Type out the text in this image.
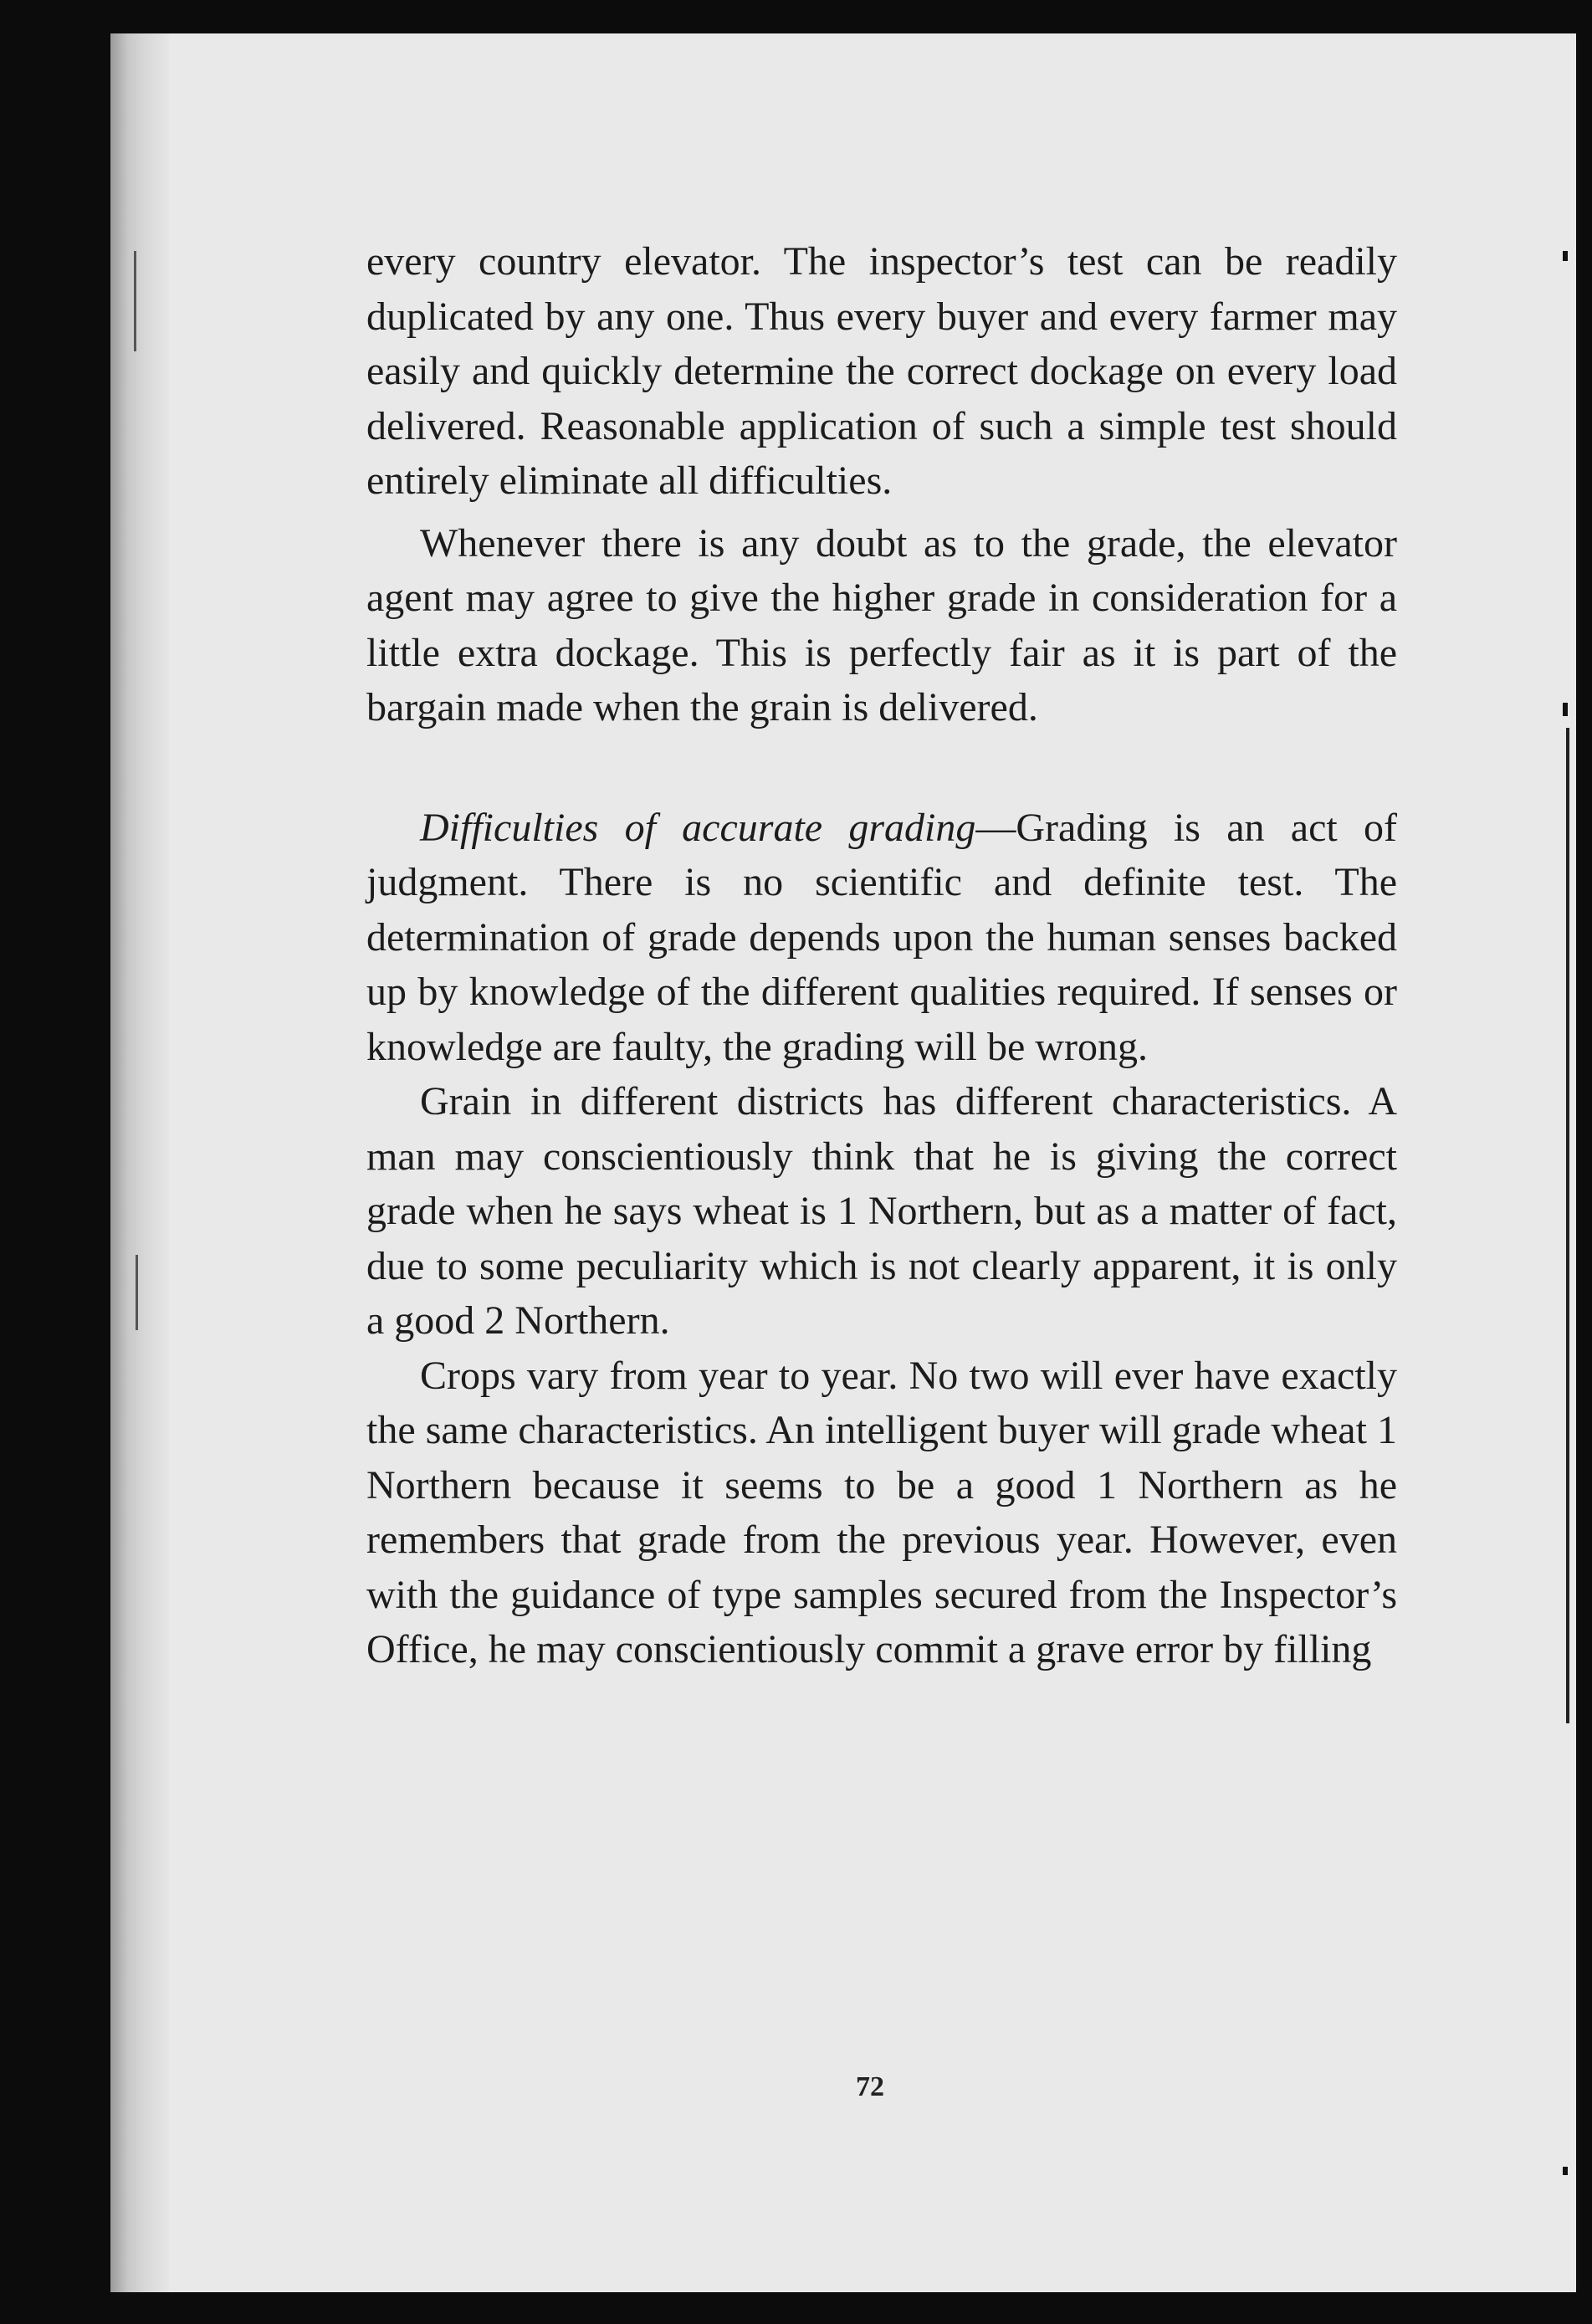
every country elevator. The inspector’s test can be readily duplicated by any one. Thus every buyer and every farmer may easily and quickly determine the correct dockage on every load delivered. Reasonable application of such a simple test should entirely eliminate all difficulties.

Whenever there is any doubt as to the grade, the elevator agent may agree to give the higher grade in consideration for a little extra dockage. This is perfectly fair as it is part of the bargain made when the grain is delivered.

Difficulties of accurate grading—Grading is an act of judgment. There is no scientific and definite test. The determination of grade depends upon the human senses backed up by knowledge of the different qualities required. If senses or knowledge are faulty, the grading will be wrong.

Grain in different districts has different characteristics. A man may conscientiously think that he is giving the correct grade when he says wheat is 1 Northern, but as a matter of fact, due to some peculiarity which is not clearly apparent, it is only a good 2 Northern.

Crops vary from year to year. No two will ever have exactly the same characteristics. An intelligent buyer will grade wheat 1 Northern because it seems to be a good 1 Northern as he remembers that grade from the previous year. However, even with the guidance of type samples secured from the Inspector’s Office, he may conscientiously commit a grave error by filling

72
